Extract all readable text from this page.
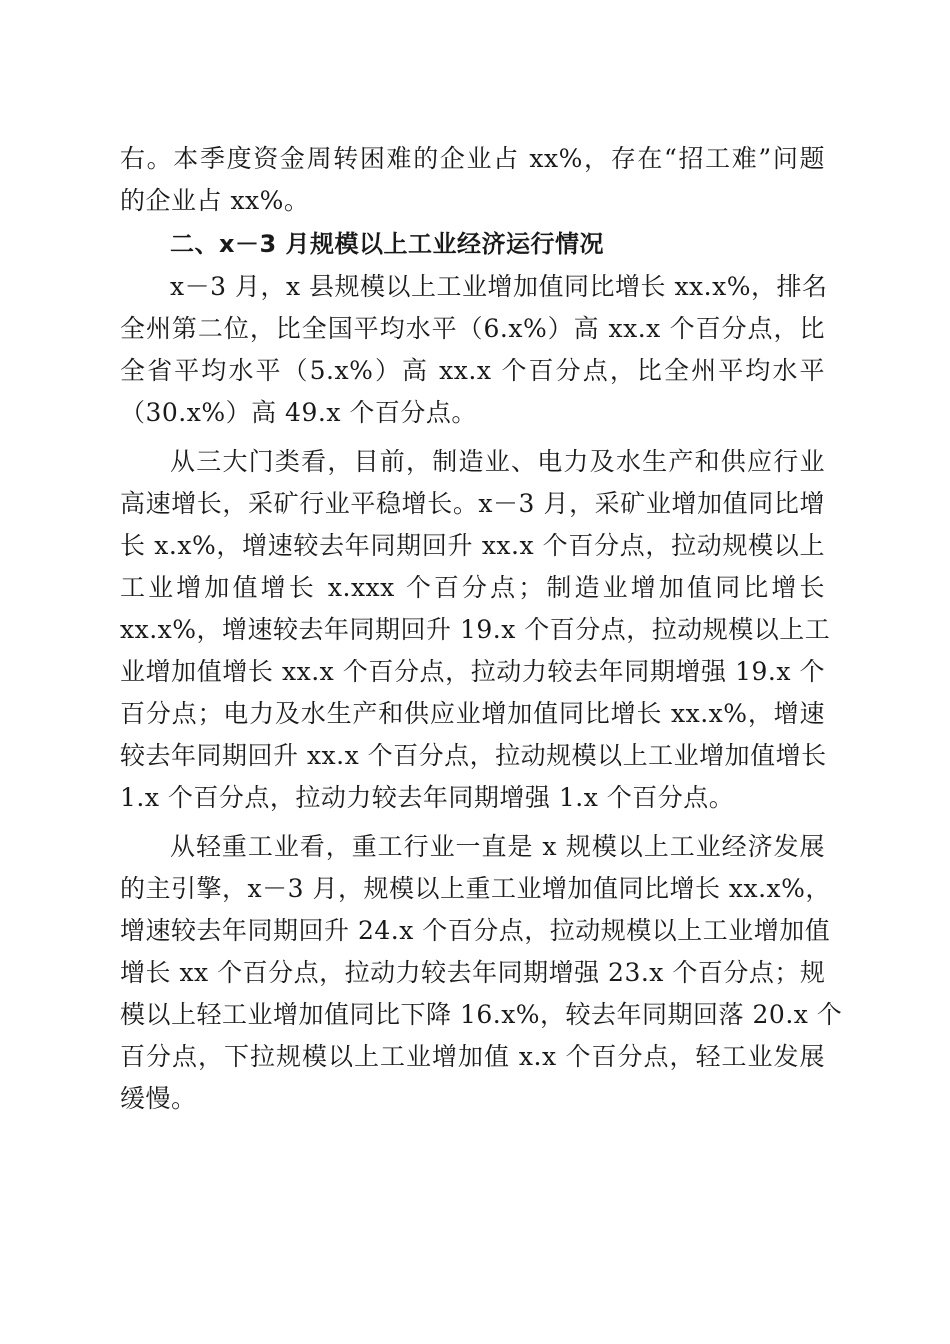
右。本季度资金周转困难的企业占 xx%，存在“招工难”问题
的企业占 xx%。
二、x－3 月规模以上工业经济运行情况
x－3 月，x 县规模以上工业增加值同比增长 xx.x%，排名
全州第二位，比全国平均水平（6.x%）高 xx.x 个百分点，比
全省平均水平（5.x%）高 xx.x 个百分点，比全州平均水平
（30.x%）高 49.x 个百分点。
从三大门类看，目前，制造业、电力及水生产和供应行业
高速增长，采矿行业平稳增长。x－3 月，采矿业增加值同比增
长 x.x%，增速较去年同期回升 xx.x 个百分点，拉动规模以上
工业增加值增长 x.xxx 个百分点；制造业增加值同比增长
xx.x%，增速较去年同期回升 19.x 个百分点，拉动规模以上工
业增加值增长 xx.x 个百分点，拉动力较去年同期增强 19.x 个
百分点；电力及水生产和供应业增加值同比增长 xx.x%，增速
较去年同期回升 xx.x 个百分点，拉动规模以上工业增加值增长
1.x 个百分点，拉动力较去年同期增强 1.x 个百分点。
从轻重工业看，重工行业一直是 x 规模以上工业经济发展
的主引擎，x－3 月，规模以上重工业增加值同比增长 xx.x%，
增速较去年同期回升 24.x 个百分点，拉动规模以上工业增加值
增长 xx 个百分点，拉动力较去年同期增强 23.x 个百分点；规
模以上轻工业增加值同比下降 16.x%，较去年同期回落 20.x 个
百分点，下拉规模以上工业增加值 x.x 个百分点，轻工业发展
缓慢。
